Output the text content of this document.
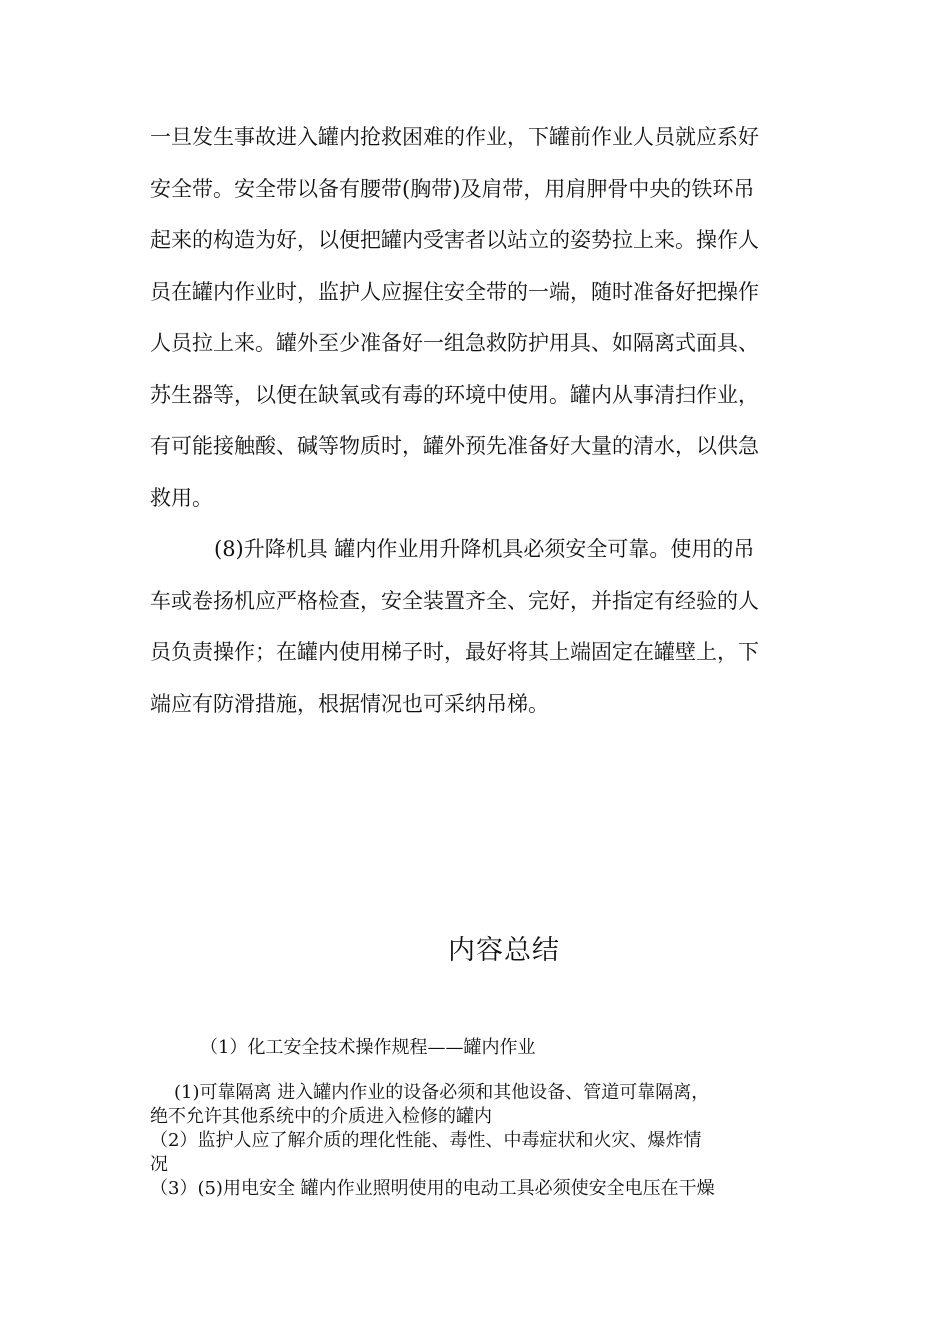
一旦发生事故进入罐内抢救困难的作业，下罐前作业人员就应系好
安全带。安全带以备有腰带(胸带)及肩带，用肩胛骨中央的铁环吊
起来的构造为好，以便把罐内受害者以站立的姿势拉上来。操作人
员在罐内作业时，监护人应握住安全带的一端，随时准备好把操作
人员拉上来。罐外至少准备好一组急救防护用具、如隔离式面具、
苏生器等，以便在缺氧或有毒的环境中使用。罐内从事清扫作业，
有可能接触酸、碱等物质时，罐外预先准备好大量的清水，以供急
救用。
(8)升降机具 罐内作业用升降机具必须安全可靠。使用的吊
车或卷扬机应严格检查，安全装置齐全、完好，并指定有经验的人
员负责操作；在罐内使用梯子时，最好将其上端固定在罐壁上，下
端应有防滑措施，根据情况也可采纳吊梯。
内容总结
（1）化工安全技术操作规程——罐内作业
(1)可靠隔离 进入罐内作业的设备必须和其他设备、管道可靠隔离，
绝不允许其他系统中的介质进入检修的罐内
（2）监护人应了解介质的理化性能、毒性、中毒症状和火灾、爆炸情
况
（3）(5)用电安全 罐内作业照明使用的电动工具必须使安全电压在干燥
